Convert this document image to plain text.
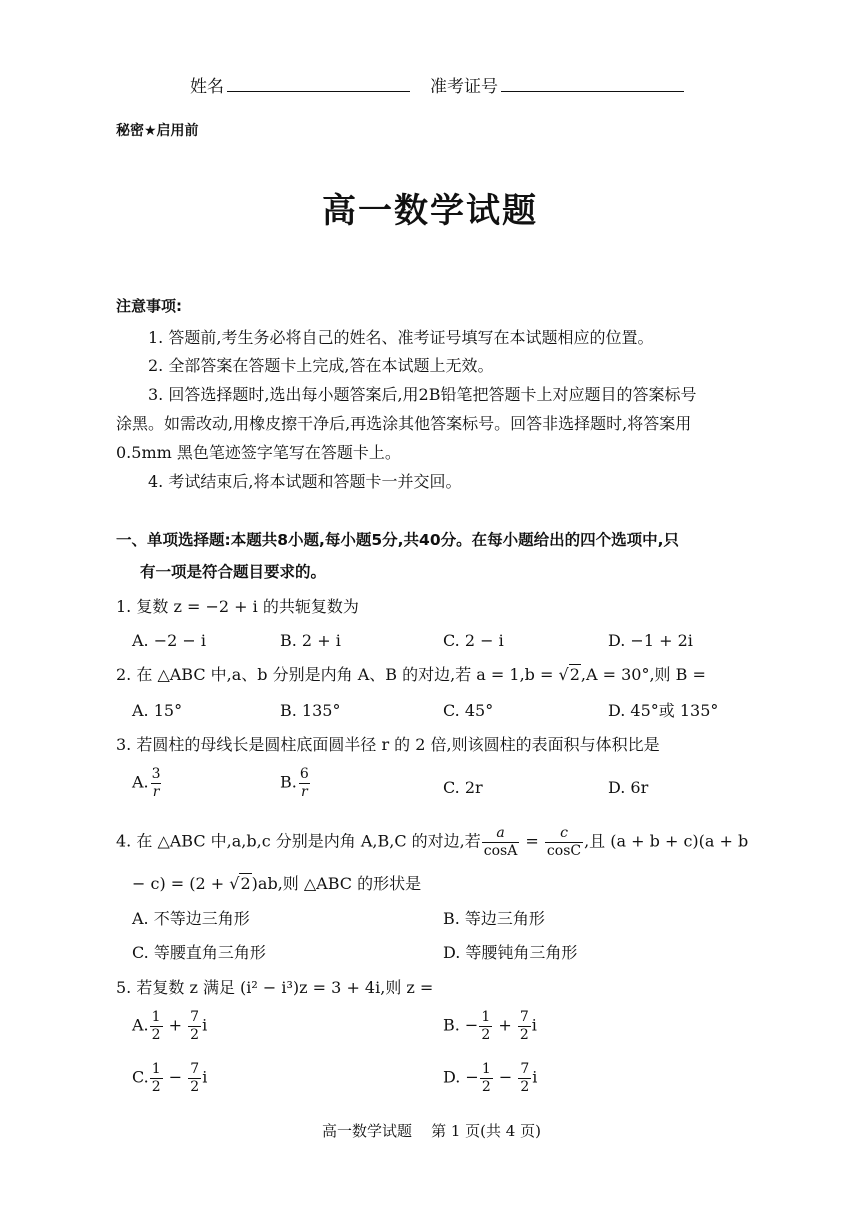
姓名	准考证号
秘密★启用前
高一数学试题
注意事项:
1. 答题前,考生务必将自己的姓名、准考证号填写在本试题相应的位置。
2. 全部答案在答题卡上完成,答在本试题上无效。
3. 回答选择题时,选出每小题答案后,用2B铅笔把答题卡上对应题目的答案标号
涂黑。如需改动,用橡皮擦干净后,再选涂其他答案标号。回答非选择题时,将答案用
0.5mm 黑色笔迹签字笔写在答题卡上。
4. 考试结束后,将本试题和答题卡一并交回。
一、单项选择题:本题共8小题,每小题5分,共40分。在每小题给出的四个选项中,只
有一项是符合题目要求的。
1. 复数 z = −2 + i 的共轭复数为
A. −2 − i	B. 2 + i	C. 2 − i	D. −1 + 2i
2. 在 △ABC 中,a、b 分别是内角 A、B 的对边,若 a = 1,b = √2,A = 30°,则 B =
A. 15°	B. 135°	C. 45°	D. 45°或 135°
3. 若圆柱的母线长是圆柱底面圆半径 r 的 2 倍,则该圆柱的表面积与体积比是
A. $\frac{3}{r}$	B. $\frac{6}{r}$	C. 2r	D. 6r
4. 在 △ABC 中,a,b,c 分别是内角 A,B,C 的对边,若 $\frac{a}{\cos A} = \frac{c}{\cos C}$ ,且 (a + b + c)(a + b
− c) = (2 + √2)ab,则 △ABC 的形状是
A. 不等边三角形	B. 等边三角形
C. 等腰直角三角形	D. 等腰钝角三角形
5. 若复数 z 满足 (i² − i³)z = 3 + 4i,则 z =
A. $\frac{1}{2} + \frac{7}{2}$ i	B. − $\frac{1}{2} + \frac{7}{2}$ i
C. $\frac{1}{2} - \frac{7}{2}$ i	D. − $\frac{1}{2} - \frac{7}{2}$ i
高一数学试题    第 1 页(共 4 页)
